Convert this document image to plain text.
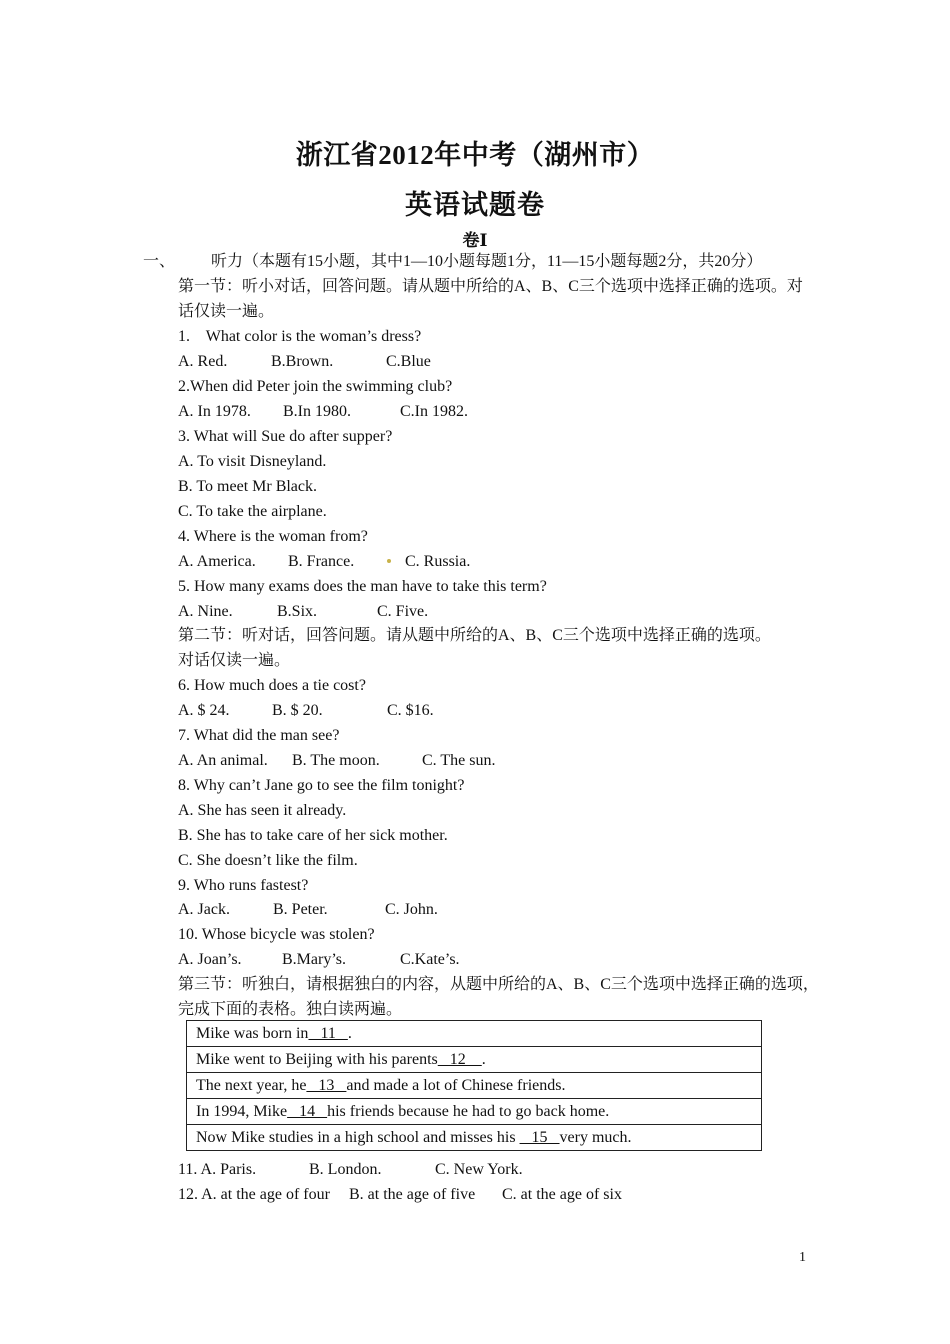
浙江省2012年中考（湖州市）
英语试题卷
卷Ⅰ
一、 听力（本题有15小题，其中1—10小题每题1分，11—15小题每题2分，共20分）
第一节：听小对话，回答问题。请从题中所给的A、B、C三个选项中选择正确的选项。对
话仅读一遍。
1.    What color is the woman’s dress?
A. Red.	B.Brown.	C.Blue
2.When did Peter join the swimming club?
A. In 1978. B.In 1980.	C.In 1982.
3. What will Sue do after supper?
A. To visit Disneyland.
B. To meet Mr Black.
C. To take the airplane.
4. Where is the woman from?
A. America. B. France.	C. Russia.
5. How many exams does the man have to take this term?
A. Nine.	B.Six.	C. Five.
第二节：听对话，回答问题。请从题中所给的A、B、C三个选项中选择正确的选项。
对话仅读一遍。
6. How much does a tie cost?
A. $ 24.	B. $ 20.	C. $16.
7. What did the man see?
A. An animal. B. The moon.	C. The sun.
8. Why can’t Jane go to see the film tonight?
A. She has seen it already.
B. She has to take care of her sick mother.
C. She doesn’t like the film.
9. Who runs fastest?
A. Jack.	B. Peter.	C. John.
10. Whose bicycle was stolen?
A. Joan’s.	B.Mary’s.	C.Kate’s.
第三节：听独白，请根据独白的内容，从题中所给的A、B、C三个选项中选择正确的选项，
完成下面的表格。独白读两遍。
Mike was born in   11   .
Mike went to Beijing with his parents   12    .
The next year, he   13   and made a lot of Chinese friends.
In 1994, Mike   14   his friends because he had to go back home.
Now Mike studies in a high school and misses his    15   very much.
11. A. Paris.	B. London.	C. New York.
12. A. at the age of four B. at the age of five C. at the age of six
1
